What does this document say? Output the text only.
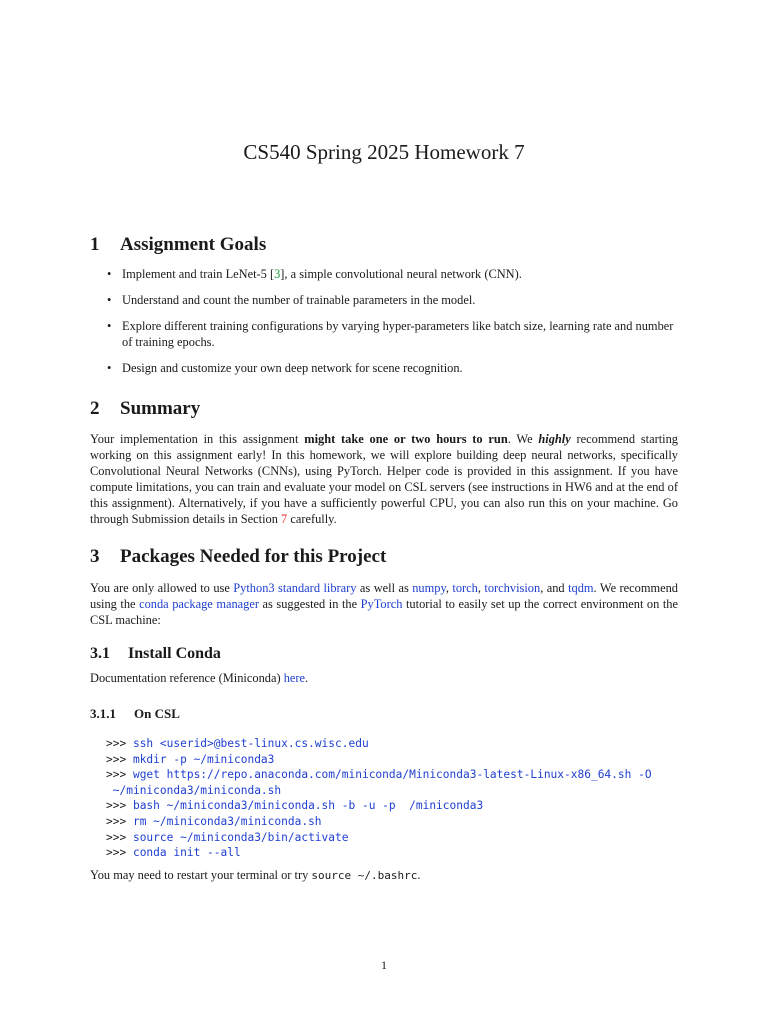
CS540 Spring 2025 Homework 7
1 Assignment Goals
• Implement and train LeNet-5 [3], a simple convolutional neural network (CNN).
• Understand and count the number of trainable parameters in the model.
• Explore different training configurations by varying hyper-parameters like batch size, learning rate and number of training epochs.
• Design and customize your own deep network for scene recognition.
2 Summary
Your implementation in this assignment might take one or two hours to run. We highly recommend starting working on this assignment early! In this homework, we will explore building deep neural networks, specifically Convolutional Neural Networks (CNNs), using PyTorch. Helper code is provided in this assignment. If you have compute limitations, you can train and evaluate your model on CSL servers (see instructions in HW6 and at the end of this assignment). Alternatively, if you have a sufficiently powerful CPU, you can also run this on your machine. Go through Submission details in Section 7 carefully.
3 Packages Needed for this Project
You are only allowed to use Python3 standard library as well as numpy, torch, torchvision, and tqdm. We recommend using the conda package manager as suggested in the PyTorch tutorial to easily set up the correct environment on the CSL machine:
3.1 Install Conda
Documentation reference (Miniconda) here.
3.1.1 On CSL
>>> ssh <userid>@best-linux.cs.wisc.edu
>>> mkdir -p ~/miniconda3
>>> wget https://repo.anaconda.com/miniconda/Miniconda3-latest-Linux-x86_64.sh -O
~/miniconda3/miniconda.sh
>>> bash ~/miniconda3/miniconda.sh -b -u -p  /miniconda3
>>> rm ~/miniconda3/miniconda.sh
>>> source ~/miniconda3/bin/activate
>>> conda init --all
You may need to restart your terminal or try source ~/.bashrc.
1
